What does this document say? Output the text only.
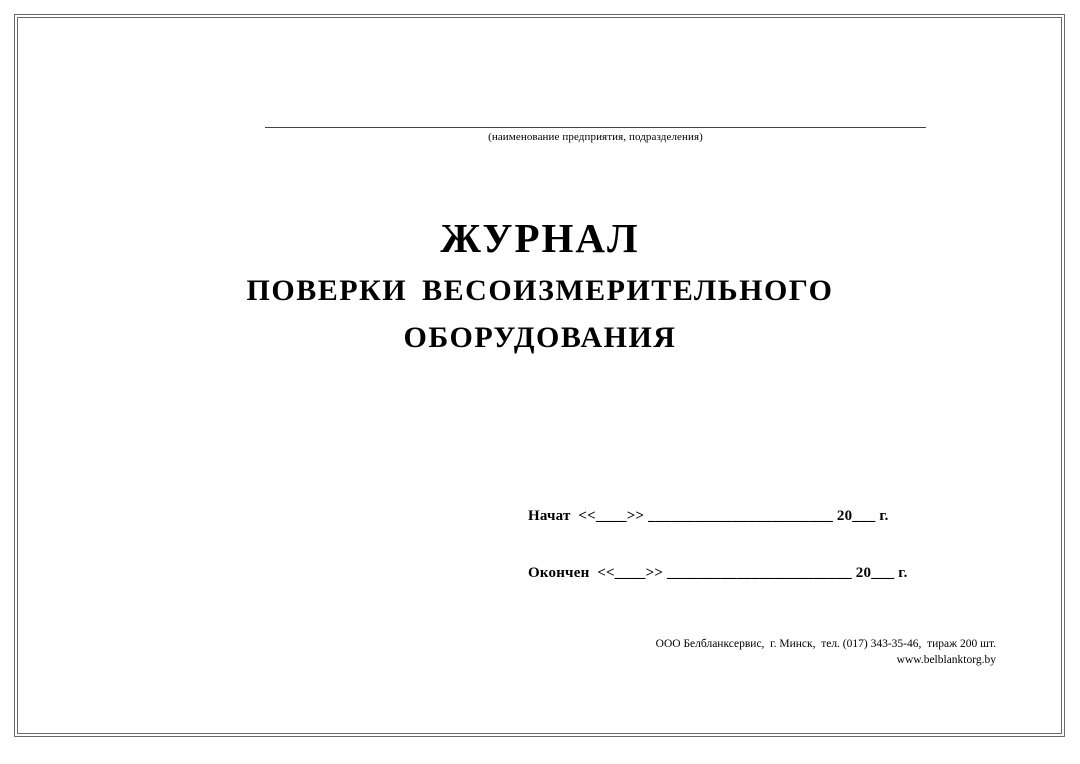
(наименование предприятия, подразделения)
ЖУРНАЛ
ПОВЕРКИ ВЕСОИЗМЕРИТЕЛЬНОГО
ОБОРУДОВАНИЯ
Начат  <<____>> ________________________ 20___ г.
Окончен  <<____>> ________________________ 20___ г.
ООО Белбланксервис,  г. Минск,  тел. (017) 343-35-46,  тираж 200 шт.
www.belblanktorg.by
